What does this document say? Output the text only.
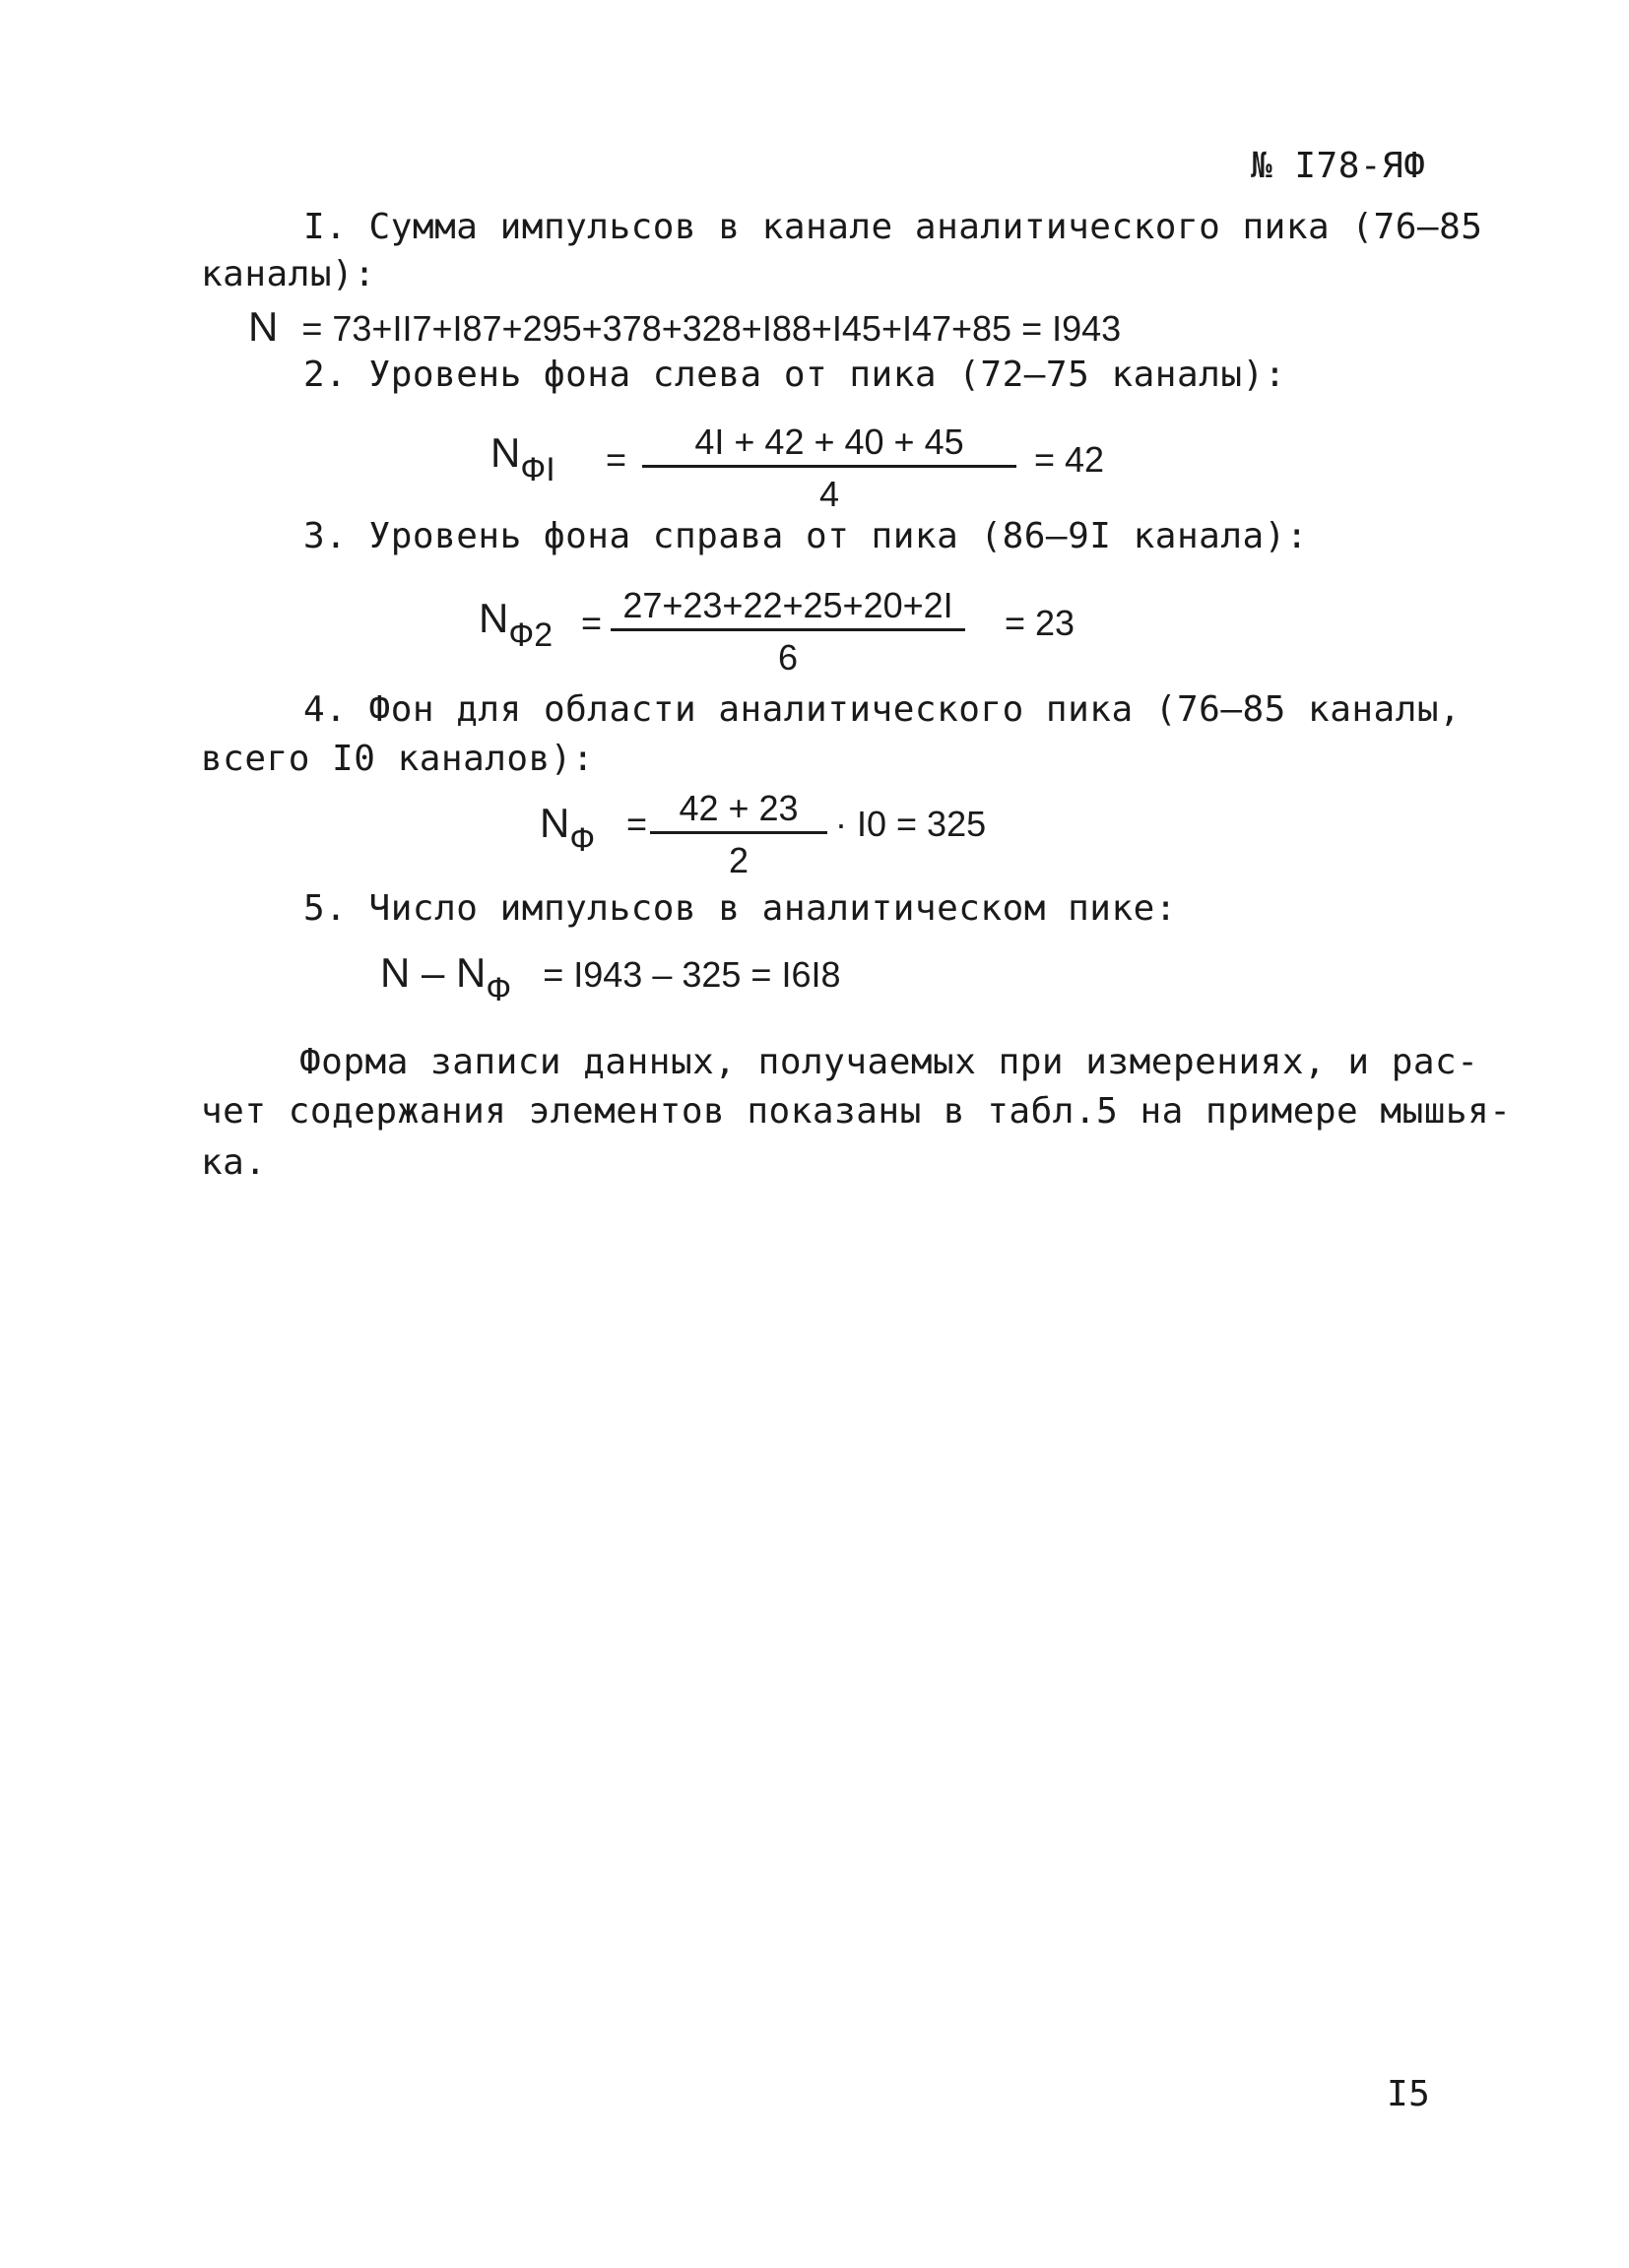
№ I78-ЯФ
I. Сумма импульсов в канале аналитического пика (76–85
каналы):
N = 73+II7+I87+295+378+328+I88+I45+I47+85 = I943
2. Уровень фона слева от пика (72–75 каналы):
NФI = $\frac{4I + 42 + 40 + 45}{4} = 42$
3. Уровень фона справа от пика (86–9I канала):
$NФ2 = \frac{27+23+22+25+20+2I}{6} = 23$
4. Фон для области аналитического пика (76–85 каналы,
всего I0 каналов):
NФ = $\frac{42 + 23}{2} \cdot I0 = 325$
5. Число импульсов в аналитическом пике:
N – NФ = I943 – 325 = I6I8
Форма записи данных, получаемых при измерениях, и рас-
чет содержания элементов показаны в табл.5 на примере мышья-
ка.
I5
